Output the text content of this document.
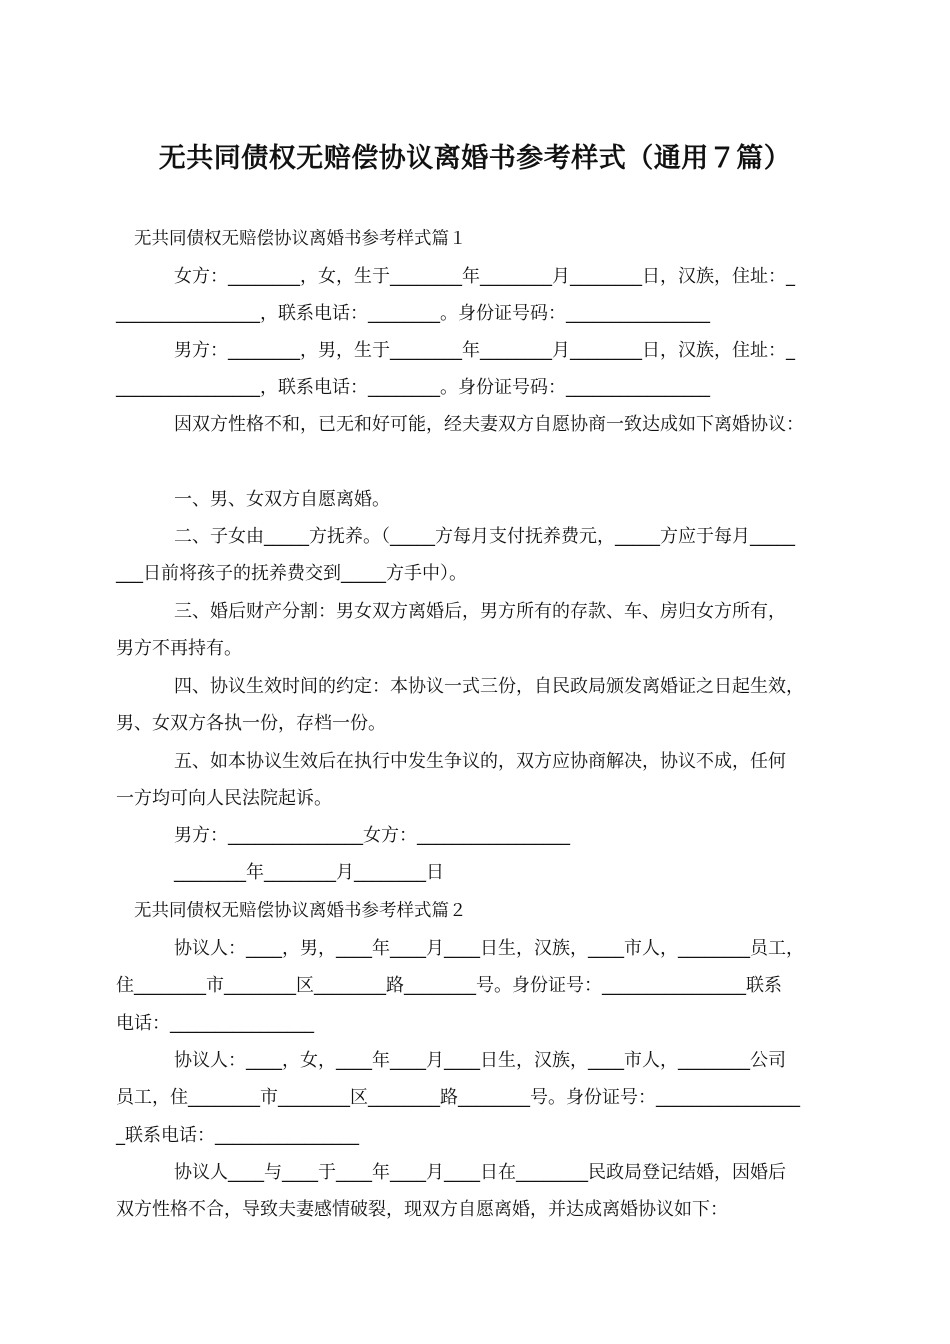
无共同债权无赔偿协议离婚书参考样式（通用７篇）

无共同债权无赔偿协议离婚书参考样式篇１

女方：________，女，生于________年________月________日，汉族，住址：_

________________，联系电话：________。身份证号码：________________

男方：________，男，生于________年________月________日，汉族，住址：_

________________，联系电话：________。身份证号码：________________

因双方性格不和，已无和好可能，经夫妻双方自愿协商一致达成如下离婚协议：

一、男、女双方自愿离婚。

二、子女由_____方抚养。（_____方每月支付抚养费元，_____方应于每月_____

___日前将孩子的抚养费交到_____方手中）。

三、婚后财产分割：男女双方离婚后，男方所有的存款、车、房归女方所有，

男方不再持有。

四、协议生效时间的约定：本协议一式三份，自民政局颁发离婚证之日起生效，

男、女双方各执一份，存档一份。

五、如本协议生效后在执行中发生争议的，双方应协商解决，协议不成，任何

一方均可向人民法院起诉。

男方：_______________女方：_________________

________年________月________日

无共同债权无赔偿协议离婚书参考样式篇２

协议人：____，男，____年____月____日生，汉族，____市人，________员工，

住________市________区________路________号。身份证号：________________联系

电话：________________

协议人：____，女，____年____月____日生，汉族，____市人，________公司

员工，住________市________区________路________号。身份证号：________________

_联系电话：________________

协议人____与____于____年____月____日在________民政局登记结婚，因婚后

双方性格不合，导致夫妻感情破裂，现双方自愿离婚，并达成离婚协议如下：
